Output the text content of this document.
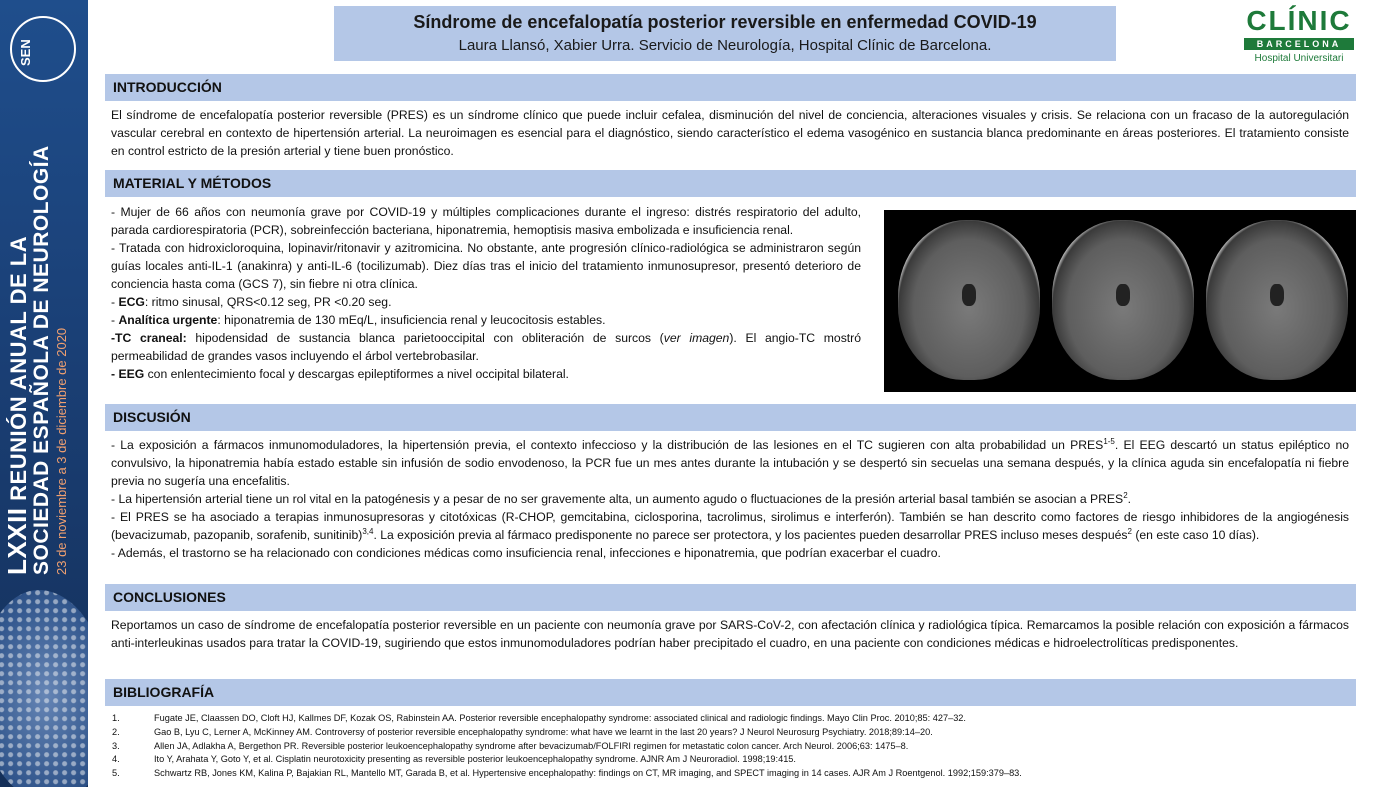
SEN
LXXII REUNIÓN ANUAL DE LA SOCIEDAD ESPAÑOLA DE NEUROLOGÍA 23 de noviembre a 3 de diciembre de 2020
Síndrome de encefalopatía posterior reversible en enfermedad COVID-19
Laura Llansó, Xabier Urra. Servicio de Neurología, Hospital Clínic de Barcelona.
CLÍNIC
BARCELONA
Hospital Universitari
INTRODUCCIÓN
El síndrome de encefalopatía posterior reversible (PRES) es un síndrome clínico que puede incluir cefalea, disminución del nivel de conciencia, alteraciones visuales y crisis. Se relaciona con un fracaso de la autoregulación vascular cerebral en contexto de hipertensión arterial. La neuroimagen es esencial para el diagnóstico, siendo característico el edema vasogénico en sustancia blanca predominante en áreas posteriores. El tratamiento consiste en control estricto de la presión arterial y tiene buen pronóstico.
MATERIAL Y MÉTODOS
- Mujer de 66 años con neumonía grave por COVID-19 y múltiples complicaciones durante el ingreso: distrés respiratorio del adulto, parada cardiorespiratoria (PCR), sobreinfección bacteriana, hiponatremia, hemoptisis masiva embolizada e insuficiencia renal.
- Tratada con hidroxicloroquina, lopinavir/ritonavir y azitromicina. No obstante, ante progresión clínico-radiológica se administraron según guías locales anti-IL-1 (anakinra) y anti-IL-6 (tocilizumab). Diez días tras el inicio del tratamiento inmunosupresor, presentó deterioro de conciencia hasta coma (GCS 7), sin fiebre ni otra clínica.
- ECG: ritmo sinusal, QRS<0.12 seg, PR <0.20 seg.
- Analítica urgente: hiponatremia de 130 mEq/L, insuficiencia renal y leucocitosis estables.
-TC craneal: hipodensidad de sustancia blanca parietooccipital con obliteración de surcos (ver imagen). El angio-TC mostró permeabilidad de grandes vasos incluyendo el árbol vertebrobasilar.
- EEG con enlentecimiento focal y descargas epileptiformes a nivel occipital bilateral.
DISCUSIÓN
- La exposición a fármacos inmunomoduladores, la hipertensión previa, el contexto infeccioso y la distribución de las lesiones en el TC sugieren con alta probabilidad un PRES$^{1-5}$. El EEG descartó un status epiléptico no convulsivo, la hiponatremia había estado estable sin infusión de sodio envodenoso, la PCR fue un mes antes durante la intubación y se despertó sin secuelas una semana después, y la clínica aguda sin encefalopatía ni fiebre previa no sugería una encefalitis.
- La hipertensión arterial tiene un rol vital en la patogénesis y a pesar de no ser gravemente alta, un aumento agudo o fluctuaciones de la presión arterial basal también se asocian a PRES$^2$.
- El PRES se ha asociado a terapias inmunosupresoras y citotóxicas (R-CHOP, gemcitabina, ciclosporina, tacrolimus, sirolimus e interferón). También se han descrito como factores de riesgo inhibidores de la angiogénesis (bevacizumab, pazopanib, sorafenib, sunitinib)$^{3,4}$. La exposición previa al fármaco predisponente no parece ser protectora, y los pacientes pueden desarrollar PRES incluso meses después$^2$ (en este caso 10 días).
- Además, el trastorno se ha relacionado con condiciones médicas como insuficiencia renal, infecciones e hiponatremia, que podrían exacerbar el cuadro.
CONCLUSIONES
Reportamos un caso de síndrome de encefalopatía posterior reversible en un paciente con neumonía grave por SARS-CoV-2, con afectación clínica y radiológica típica. Remarcamos la posible relación con exposición a fármacos anti-interleukinas usados para tratar la COVID-19, sugiriendo que estos inmunomoduladores podrían haber precipitado el cuadro, en una paciente con condiciones médicas e hidroelectrolíticas predisponentes.
BIBLIOGRAFÍA
1.	Fugate JE, Claassen DO, Cloft HJ, Kallmes DF, Kozak OS, Rabinstein AA. Posterior reversible encephalopathy syndrome: associated clinical and radiologic findings. Mayo Clin Proc. 2010;85: 427–32.
2.	Gao B, Lyu C, Lerner A, McKinney AM. Controversy of posterior reversible encephalopathy syndrome: what have we learnt in the last 20 years? J Neurol Neurosurg Psychiatry. 2018;89:14–20.
3.	Allen JA, Adlakha A, Bergethon PR. Reversible posterior leukoencephalopathy syndrome after bevacizumab/FOLFIRI regimen for metastatic colon cancer. Arch Neurol. 2006;63: 1475–8.
4.	Ito Y, Arahata Y, Goto Y, et al. Cisplatin neurotoxicity presenting as reversible posterior leukoencephalopathy syndrome. AJNR Am J Neuroradiol. 1998;19:415.
5.	Schwartz RB, Jones KM, Kalina P, Bajakian RL, Mantello MT, Garada B, et al. Hypertensive encephalopathy: findings on CT, MR imaging, and SPECT imaging in 14 cases. AJR Am J Roentgenol. 1992;159:379–83.
